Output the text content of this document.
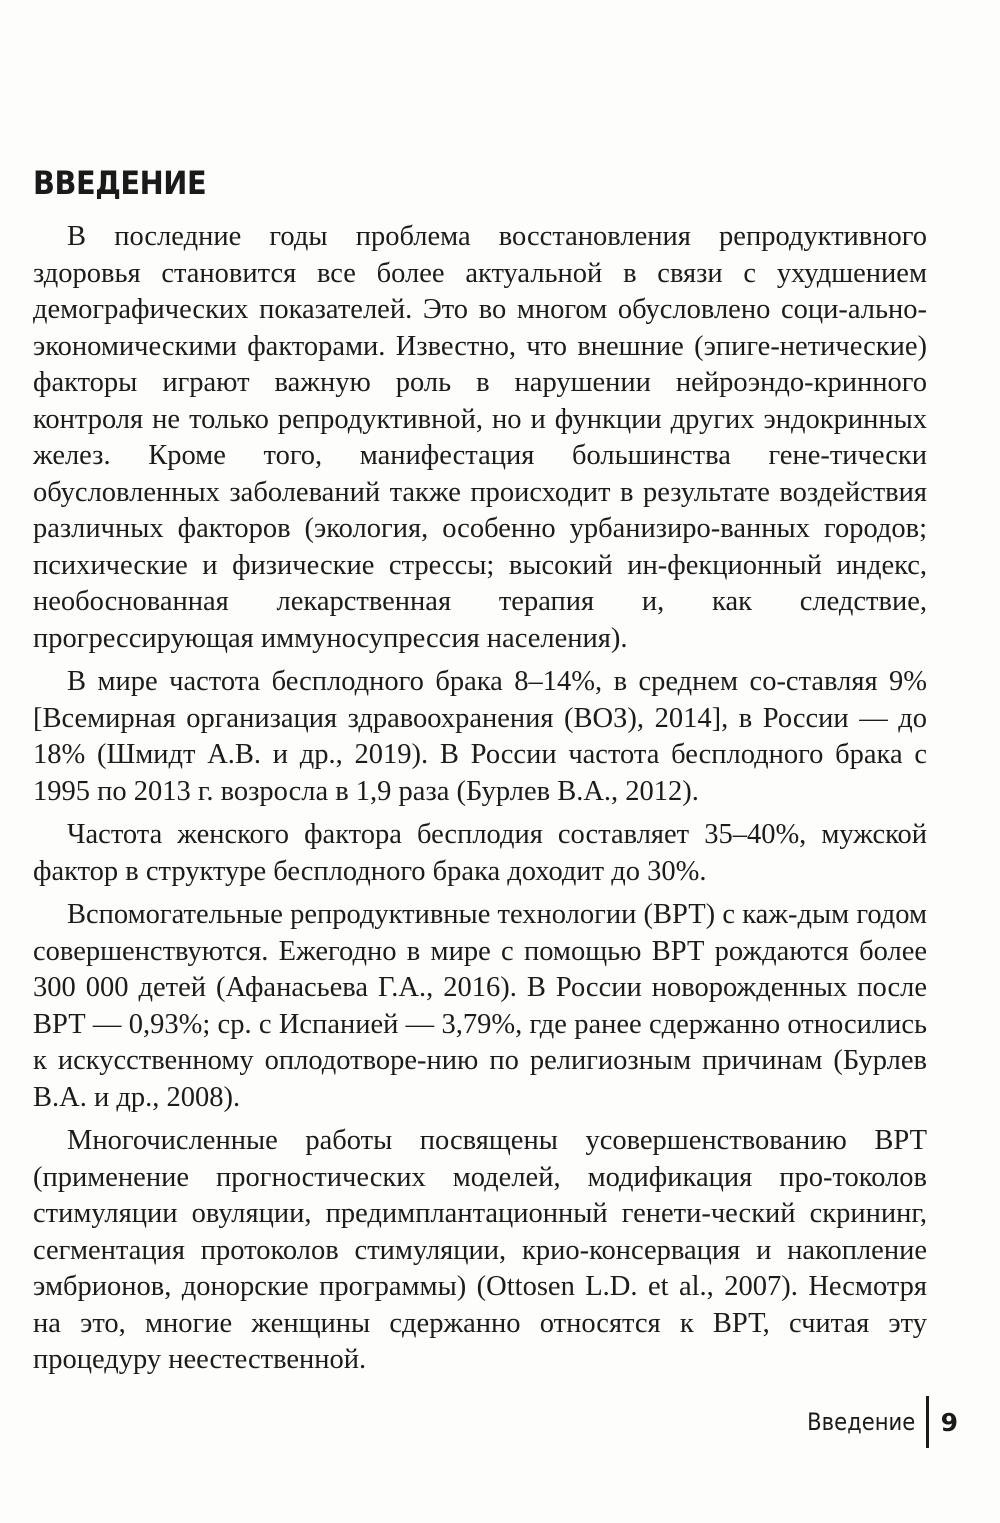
ВВЕДЕНИЕ

В последние годы проблема восстановления репродуктивного здоровья становится все более актуальной в связи с ухудшением демографических показателей. Это во многом обусловлено соци-ально-экономическими факторами. Известно, что внешние (эпиге-нетические) факторы играют важную роль в нарушении нейроэндо-кринного контроля не только репродуктивной, но и функции других эндокринных желез. Кроме того, манифестация большинства гене-тически обусловленных заболеваний также происходит в результате воздействия различных факторов (экология, особенно урбанизиро-ванных городов; психические и физические стрессы; высокий ин-фекционный индекс, необоснованная лекарственная терапия и, как следствие, прогрессирующая иммуносупрессия населения).

В мире частота бесплодного брака 8–14%, в среднем со-ставляя 9% [Всемирная организация здравоохранения (ВОЗ), 2014], в России — до 18% (Шмидт А.В. и др., 2019). В России частота бесплодного брака с 1995 по 2013 г. возросла в 1,9 раза (Бурлев В.А., 2012).

Частота женского фактора бесплодия составляет 35–40%, мужской фактор в структуре бесплодного брака доходит до 30%.

Вспомогательные репродуктивные технологии (ВРТ) с каж-дым годом совершенствуются. Ежегодно в мире с помощью ВРТ рождаются более 300 000 детей (Афанасьева Г.А., 2016). В России новорожденных после ВРТ — 0,93%; ср. с Испанией — 3,79%, где ранее сдержанно относились к искусственному оплодотворе-нию по религиозным причинам (Бурлев В.А. и др., 2008).

Многочисленные работы посвящены усовершенствованию ВРТ (применение прогностических моделей, модификация про-токолов стимуляции овуляции, предимплантационный генети-ческий скрининг, сегментация протоколов стимуляции, крио-консервация и накопление эмбрионов, донорские программы) (Ottosen L.D. et al., 2007). Несмотря на это, многие женщины сдержанно относятся к ВРТ, считая эту процедуру неестественной.

Введение	9
